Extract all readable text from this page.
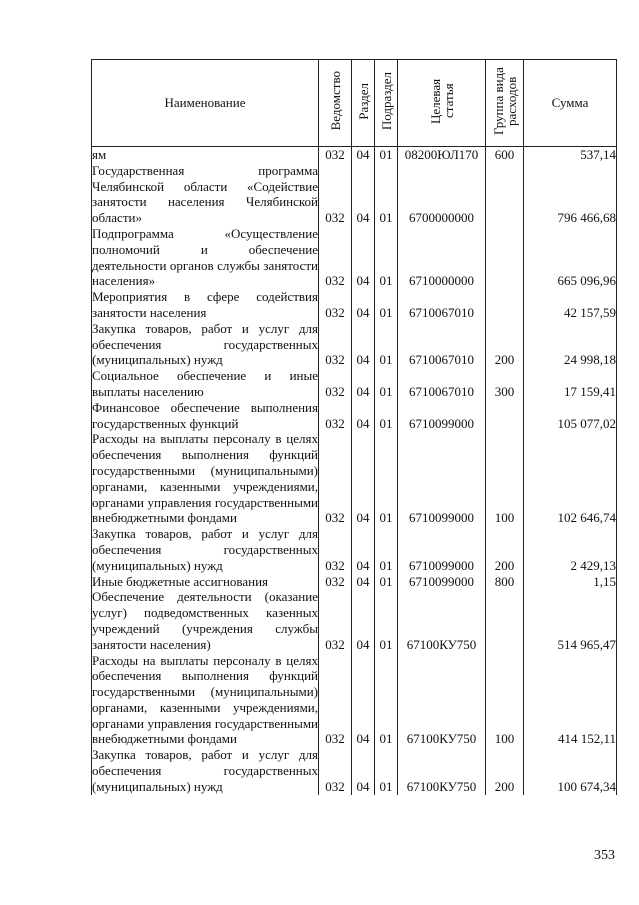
Наименование	Ведомство	Раздел	Подраздел	Целевая статья	Группа вида расходов	Сумма
ям	032	04	01	08200ЮЛ170	600	537,14
Государственная программа Челябинской области «Содействие занятости населения Челябинской области»	032	04	01	6700000000		796 466,68
Подпрограмма «Осуществление полномочий и обеспечение деятельности органов службы занятости населения»	032	04	01	6710000000		665 096,96
Мероприятия в сфере содействия занятости населения	032	04	01	6710067010		42 157,59
Закупка товаров, работ и услуг для обеспечения государственных (муниципальных) нужд	032	04	01	6710067010	200	24 998,18
Социальное обеспечение и иные выплаты населению	032	04	01	6710067010	300	17 159,41
Финансовое обеспечение выполнения государственных функций	032	04	01	6710099000		105 077,02
Расходы на выплаты персоналу в целях обеспечения выполнения функций государственными (муниципальными) органами, казенными учреждениями, органами управления государственными внебюджетными фондами	032	04	01	6710099000	100	102 646,74
Закупка товаров, работ и услуг для обеспечения государственных (муниципальных) нужд	032	04	01	6710099000	200	2 429,13
Иные бюджетные ассигнования	032	04	01	6710099000	800	1,15
Обеспечение деятельности (оказание услуг) подведомственных казенных учреждений (учреждения службы занятости населения)	032	04	01	67100КУ750		514 965,47
Расходы на выплаты персоналу в целях обеспечения выполнения функций государственными (муниципальными) органами, казенными учреждениями, органами управления государственными внебюджетными фондами	032	04	01	67100КУ750	100	414 152,11
Закупка товаров, работ и услуг для обеспечения государственных (муниципальных) нужд	032	04	01	67100КУ750	200	100 674,34
353
